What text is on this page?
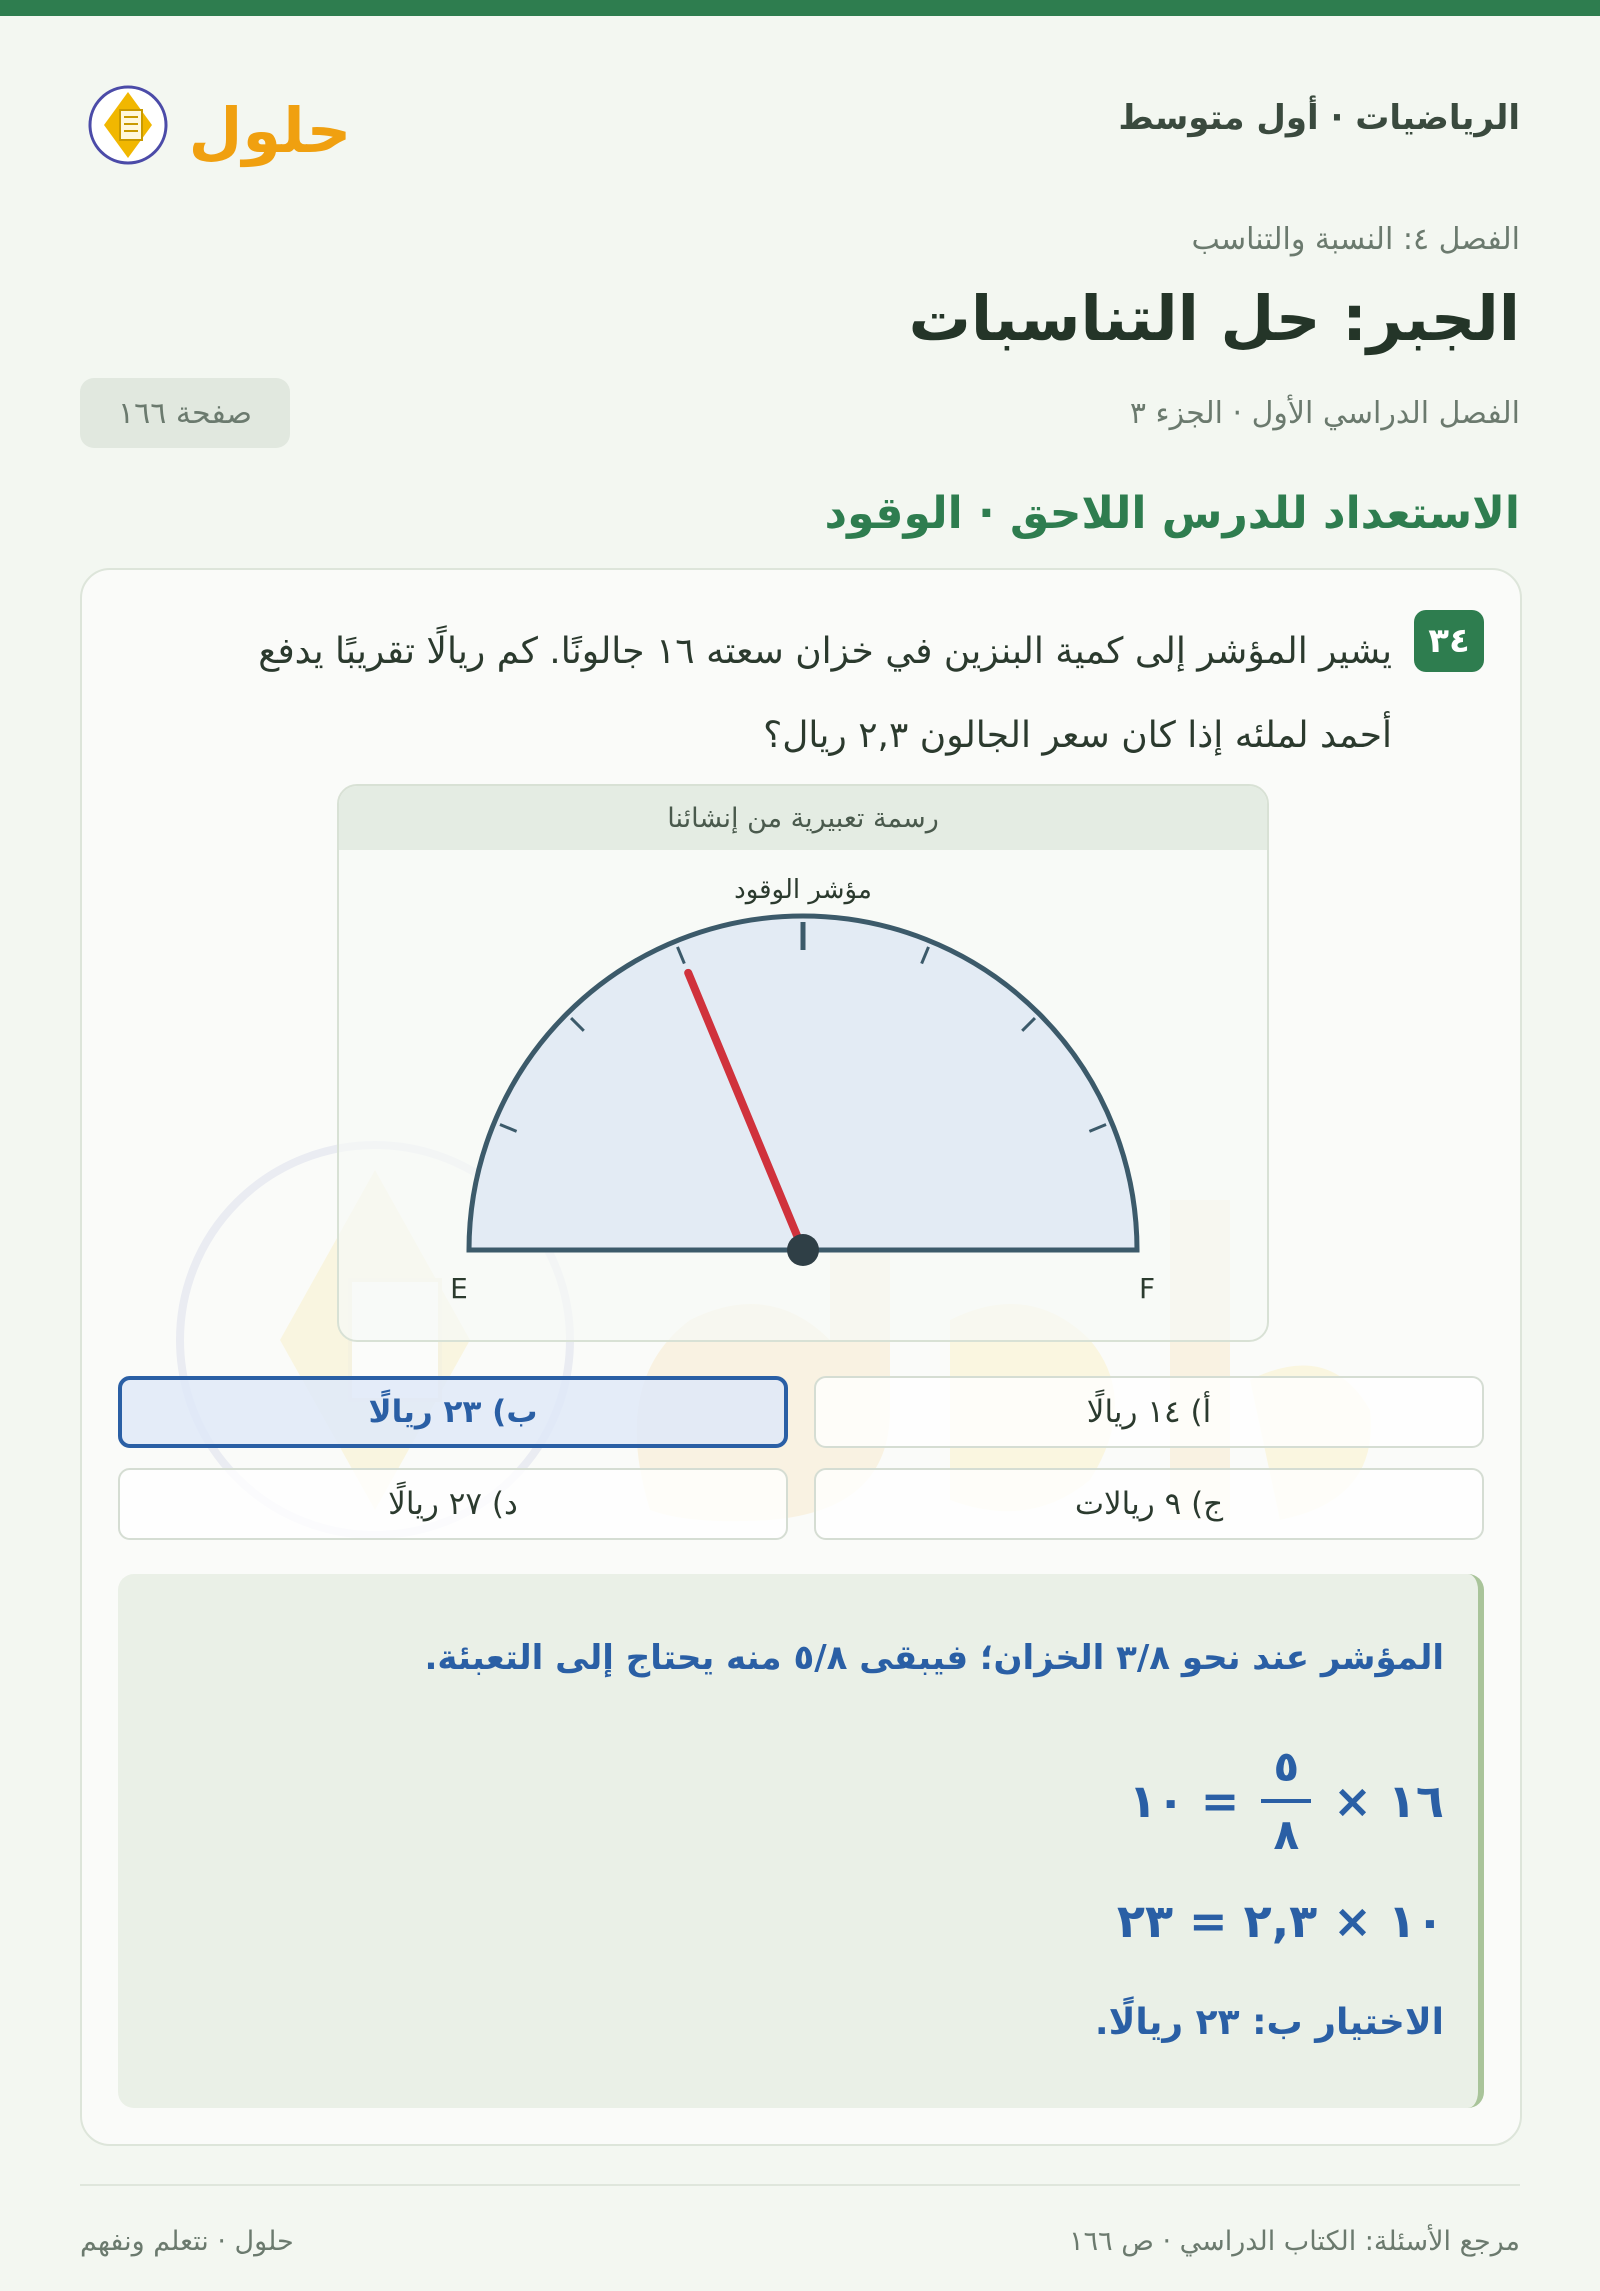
الرياضيات · أول متوسط
حلول
الفصل ٤: النسبة والتناسب
الجبر: حل التناسبات
الفصل الدراسي الأول · الجزء ٣
صفحة ١٦٦
الاستعداد للدرس اللاحق · الوقود
٣٤
يشير المؤشر إلى كمية البنزين في خزان سعته ١٦ جالونًا. كم ريالًا تقريبًا يدفع أحمد لملئه إذا كان سعر الجالون ٢,٣ ريال؟
رسمة تعبيرية من إنشائنا
مؤشر الوقود
E	F
أ) ١٤ ريالًا
ب) ٢٣ ريالًا
ج) ٩ ريالات
د) ٢٧ ريالًا
المؤشر عند نحو ٣/٨ الخزان؛ فيبقى ٥/٨ منه يحتاج إلى التعبئة.
١٦ ×
$\frac{٥}{٨}$
= ١٠
١٠ × ٢,٣ = ٢٣
الاختيار ب: ٢٣ ريالًا.
مرجع الأسئلة: الكتاب الدراسي · ص ١٦٦
حلول · نتعلم ونفهم
